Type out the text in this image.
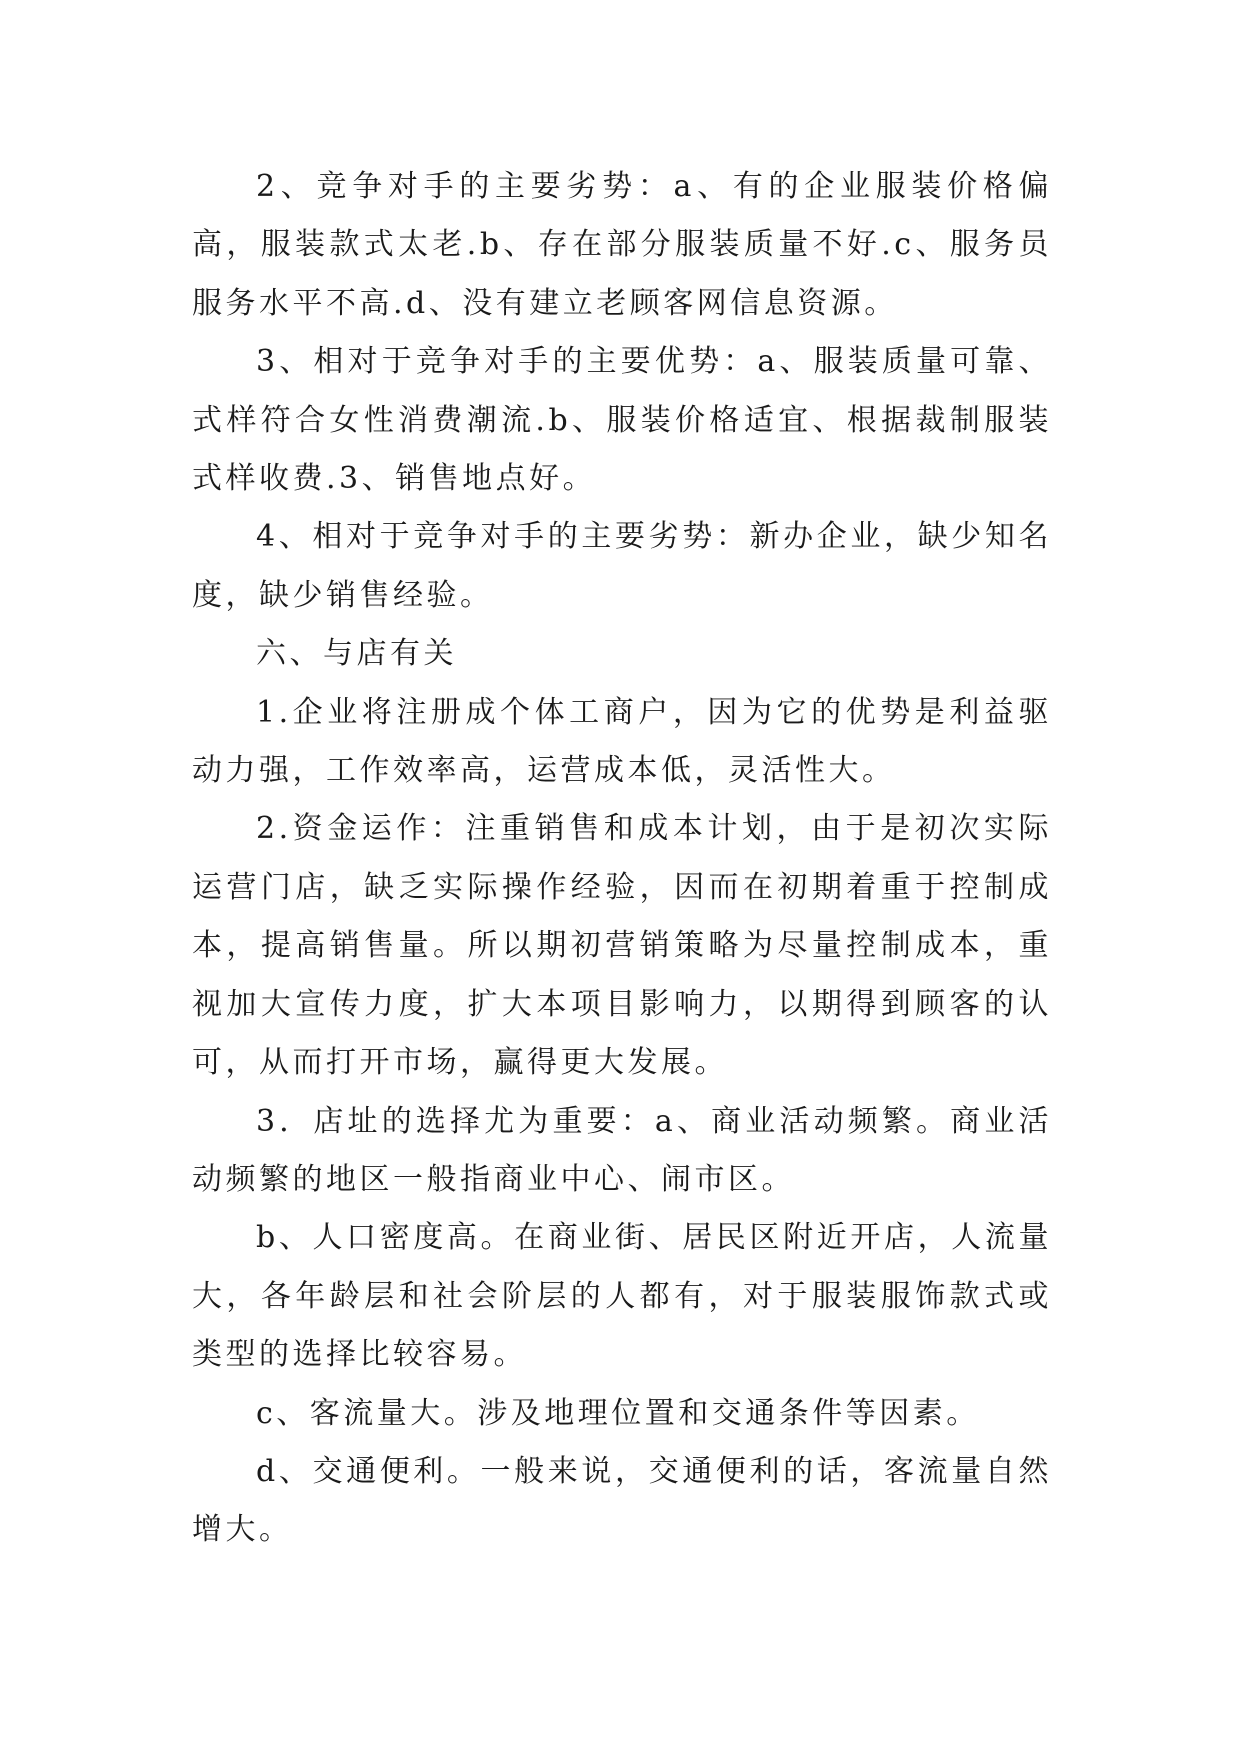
2、竞争对手的主要劣势：a、有的企业服装价格偏高，服装款式太老.b、存在部分服装质量不好.c、服务员服务水平不高.d、没有建立老顾客网信息资源。

3、相对于竞争对手的主要优势：a、服装质量可靠、式样符合女性消费潮流.b、服装价格适宜、根据裁制服装式样收费.3、销售地点好。

4、相对于竞争对手的主要劣势：新办企业，缺少知名度，缺少销售经验。

六、与店有关

1.企业将注册成个体工商户，因为它的优势是利益驱动力强，工作效率高，运营成本低，灵活性大。

2.资金运作：注重销售和成本计划，由于是初次实际运营门店，缺乏实际操作经验，因而在初期着重于控制成本，提高销售量。所以期初营销策略为尽量控制成本，重视加大宣传力度，扩大本项目影响力，以期得到顾客的认可，从而打开市场，赢得更大发展。

3．店址的选择尤为重要：a、商业活动频繁。商业活动频繁的地区一般指商业中心、闹市区。

b、人口密度高。在商业街、居民区附近开店，人流量大，各年龄层和社会阶层的人都有，对于服装服饰款式或类型的选择比较容易。

c、客流量大。涉及地理位置和交通条件等因素。

d、交通便利。一般来说，交通便利的话，客流量自然增大。
